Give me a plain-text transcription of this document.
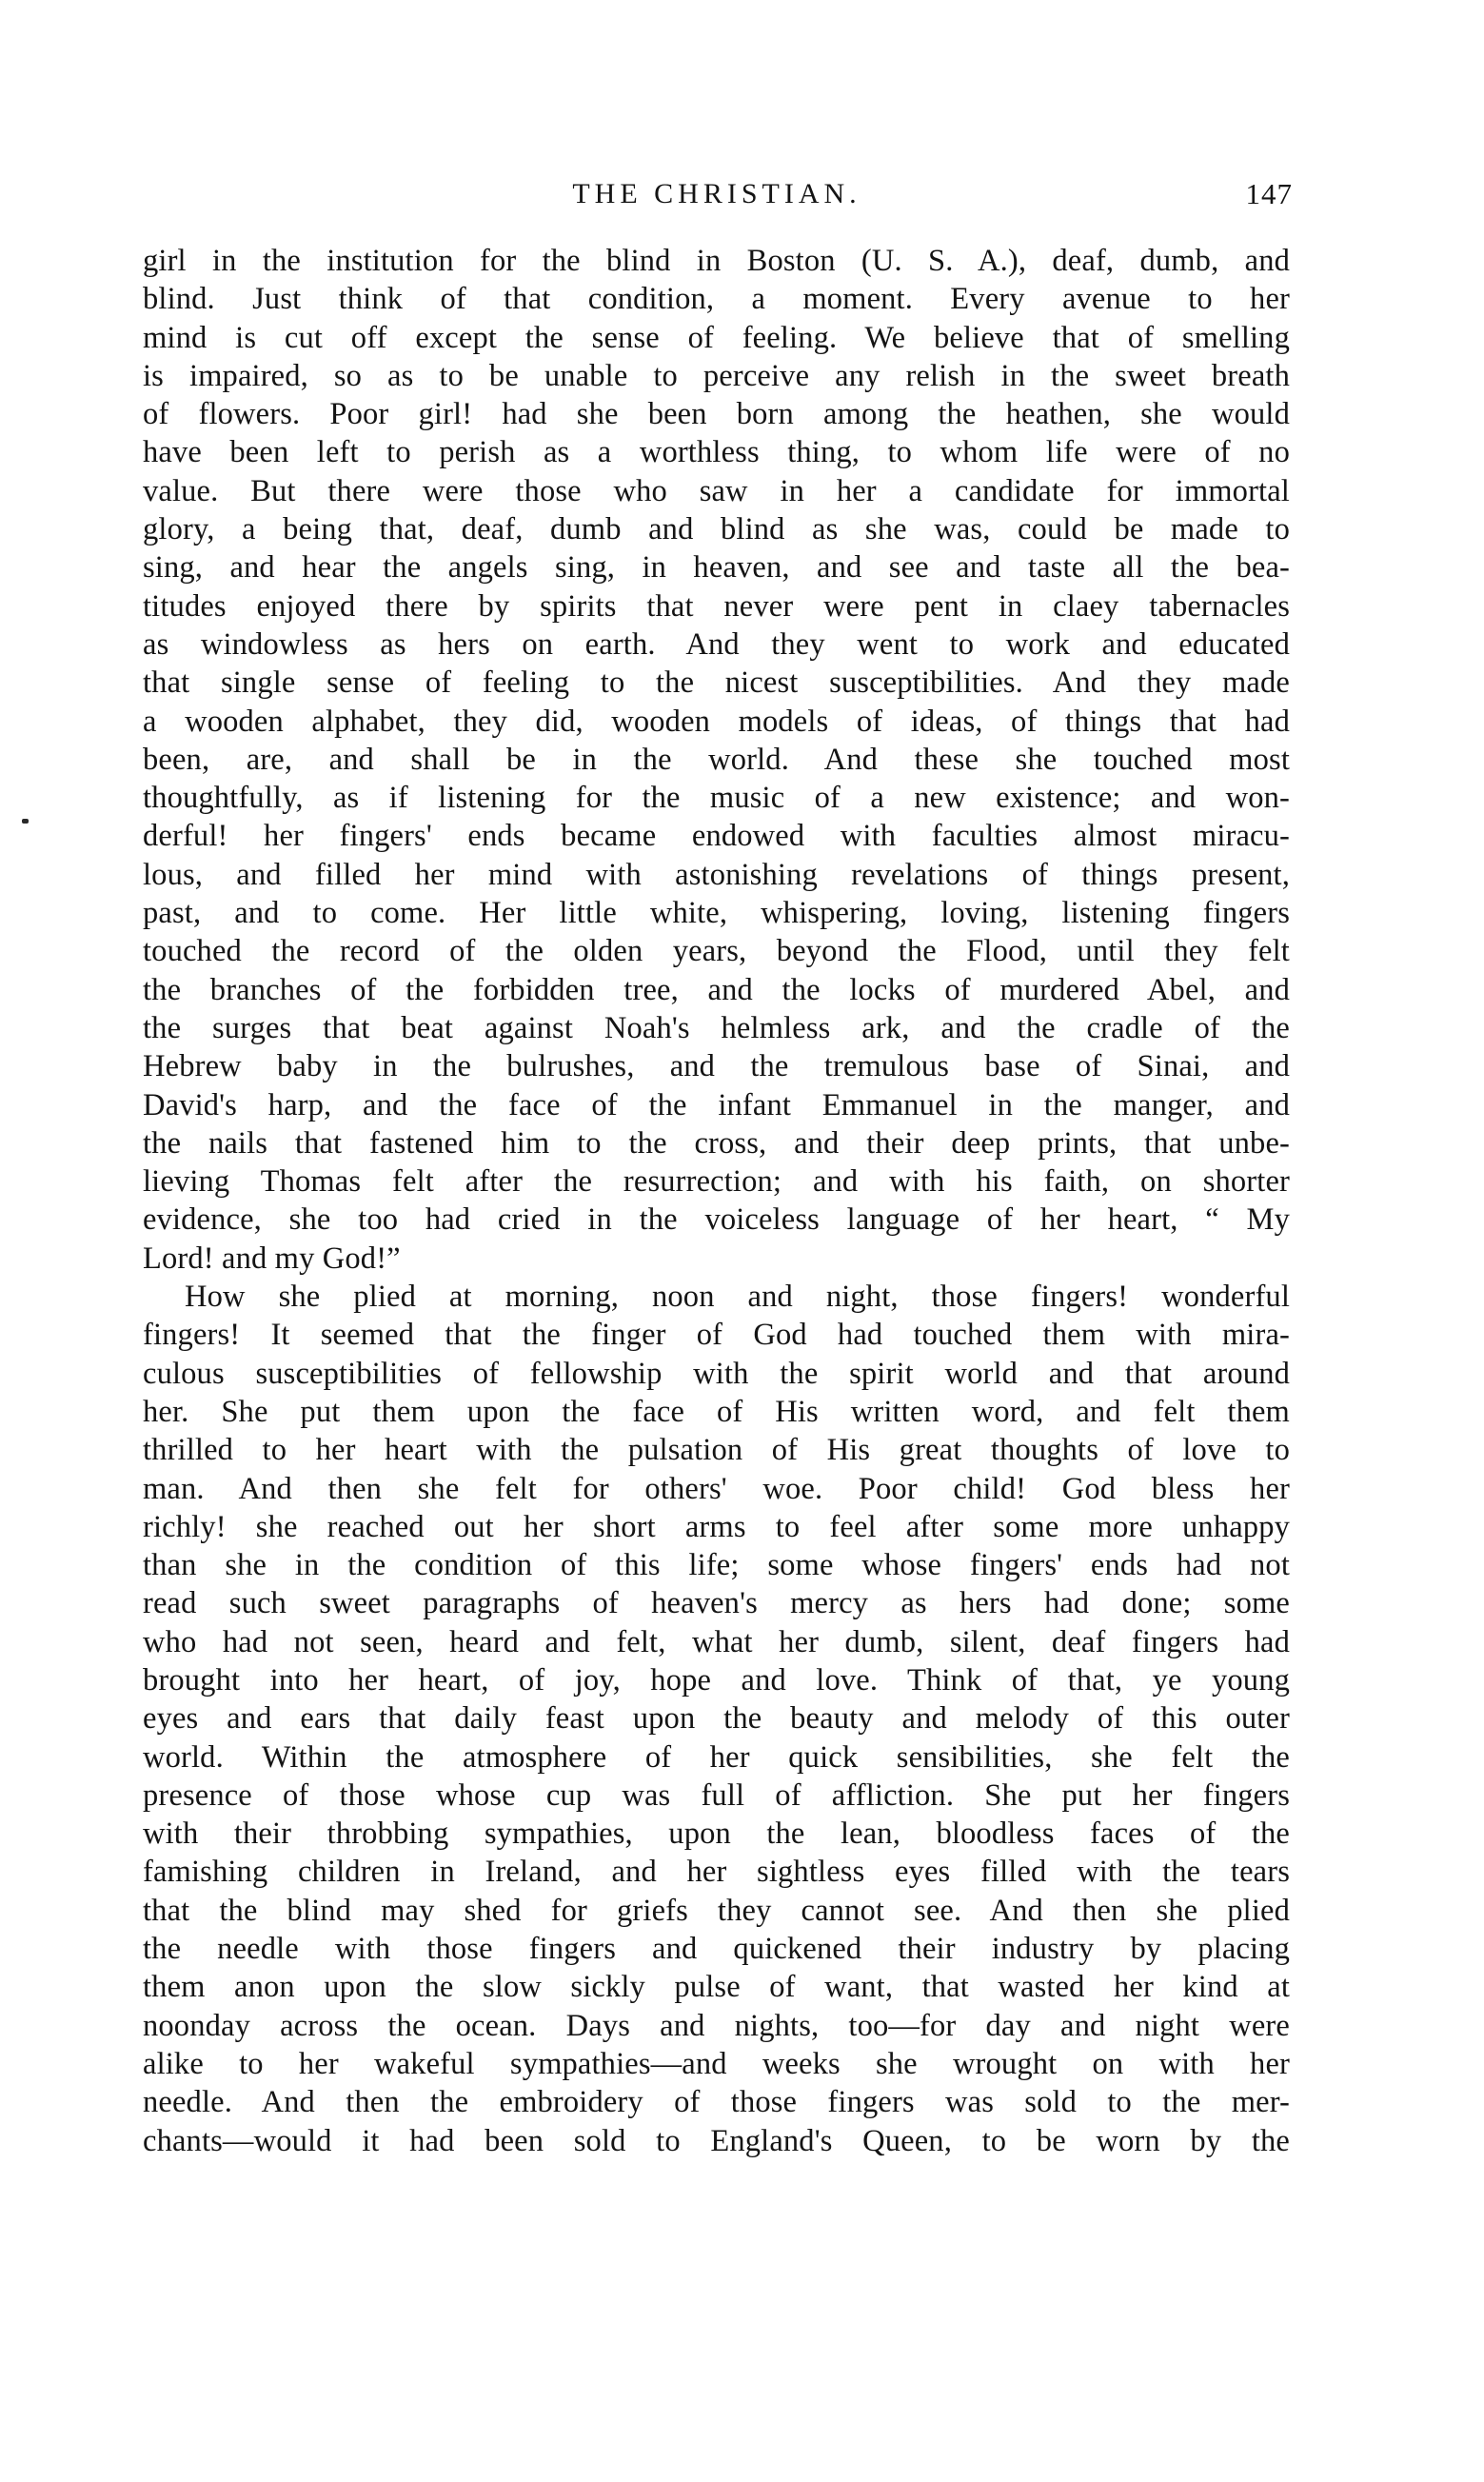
THE CHRISTIAN.	147
girl in the institution for the blind in Boston (U. S. A.), deaf, dumb, and
blind. Just think of that condition, a moment. Every avenue to her
mind is cut off except the sense of feeling. We believe that of smelling
is impaired, so as to be unable to perceive any relish in the sweet breath
of flowers. Poor girl! had she been born among the heathen, she would
have been left to perish as a worthless thing, to whom life were of no
value. But there were those who saw in her a candidate for immortal
glory, a being that, deaf, dumb and blind as she was, could be made to
sing, and hear the angels sing, in heaven, and see and taste all the bea-
titudes enjoyed there by spirits that never were pent in claey tabernacles
as windowless as hers on earth. And they went to work and educated
that single sense of feeling to the nicest susceptibilities. And they made
a wooden alphabet, they did, wooden models of ideas, of things that had
been, are, and shall be in the world. And these she touched most
thoughtfully, as if listening for the music of a new existence; and won-
derful! her fingers' ends became endowed with faculties almost miracu-
lous, and filled her mind with astonishing revelations of things present,
past, and to come. Her little white, whispering, loving, listening fingers
touched the record of the olden years, beyond the Flood, until they felt
the branches of the forbidden tree, and the locks of murdered Abel, and
the surges that beat against Noah's helmless ark, and the cradle of the
Hebrew baby in the bulrushes, and the tremulous base of Sinai, and
David's harp, and the face of the infant Emmanuel in the manger, and
the nails that fastened him to the cross, and their deep prints, that unbe-
lieving Thomas felt after the resurrection; and with his faith, on shorter
evidence, she too had cried in the voiceless language of her heart, “ My
Lord! and my God!”
How she plied at morning, noon and night, those fingers! wonderful
fingers! It seemed that the finger of God had touched them with mira-
culous susceptibilities of fellowship with the spirit world and that around
her. She put them upon the face of His written word, and felt them
thrilled to her heart with the pulsation of His great thoughts of love to
man. And then she felt for others' woe. Poor child! God bless her
richly! she reached out her short arms to feel after some more unhappy
than she in the condition of this life; some whose fingers' ends had not
read such sweet paragraphs of heaven's mercy as hers had done; some
who had not seen, heard and felt, what her dumb, silent, deaf fingers had
brought into her heart, of joy, hope and love. Think of that, ye young
eyes and ears that daily feast upon the beauty and melody of this outer
world. Within the atmosphere of her quick sensibilities, she felt the
presence of those whose cup was full of affliction. She put her fingers
with their throbbing sympathies, upon the lean, bloodless faces of the
famishing children in Ireland, and her sightless eyes filled with the tears
that the blind may shed for griefs they cannot see. And then she plied
the needle with those fingers and quickened their industry by placing
them anon upon the slow sickly pulse of want, that wasted her kind at
noonday across the ocean. Days and nights, too—for day and night were
alike to her wakeful sympathies—and weeks she wrought on with her
needle. And then the embroidery of those fingers was sold to the mer-
chants—would it had been sold to England's Queen, to be worn by the
